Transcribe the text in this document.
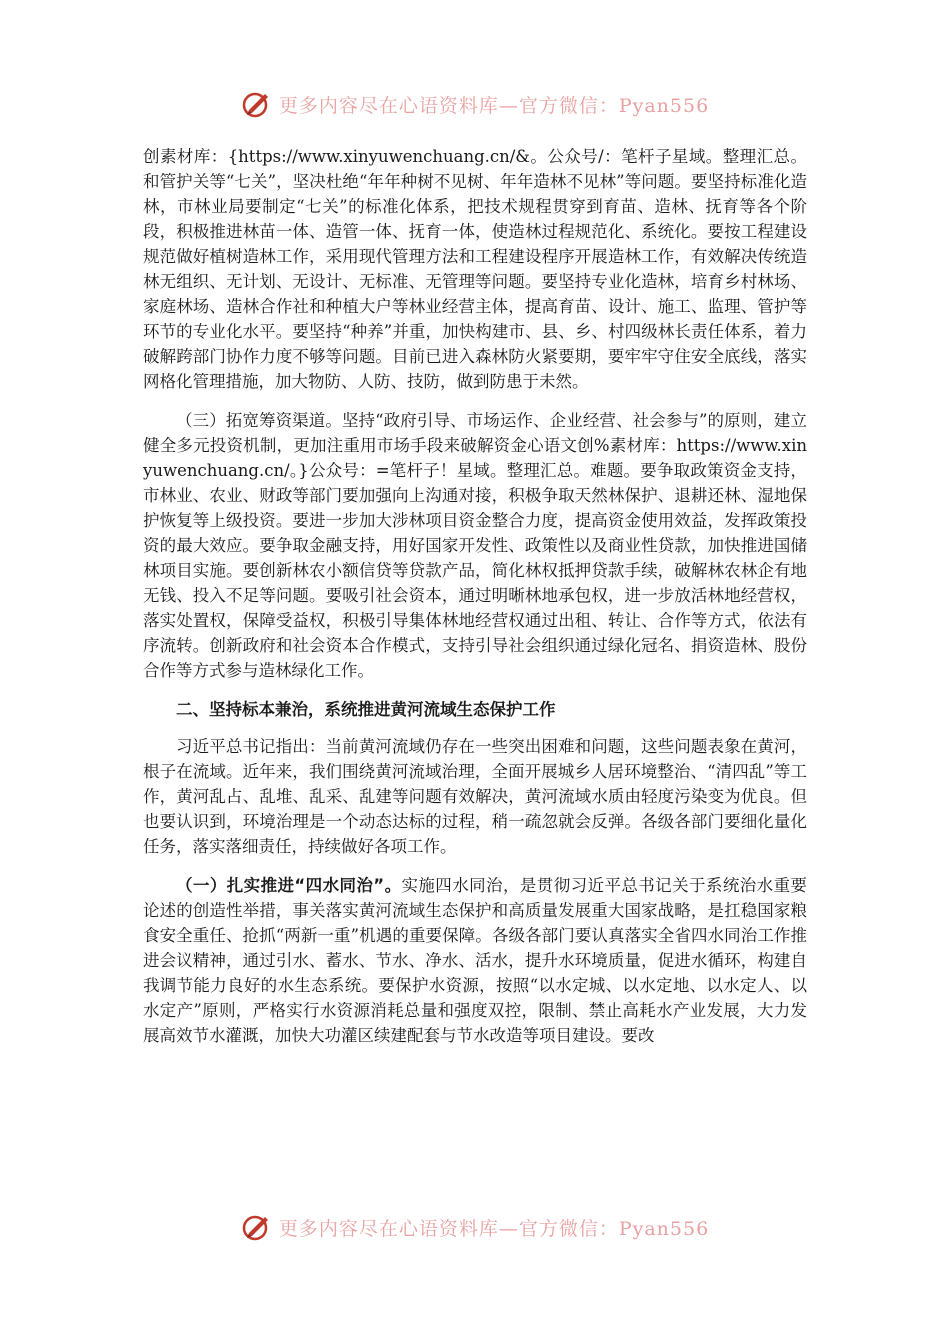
更多内容尽在心语资料库—官方微信：Pyan556

创素材库：{https://www.xinyuwenchuang.cn/&。公众号/：笔杆子星域。整理汇总。和管护关等“七关”，坚决杜绝“年年种树不见树、年年造林不见林”等问题。要坚持标准化造林，市林业局要制定“七关”的标准化体系，把技术规程贯穿到育苗、造林、抚育等各个阶段，积极推进林苗一体、造管一体、抚育一体，使造林过程规范化、系统化。要按工程建设规范做好植树造林工作，采用现代管理方法和工程建设程序开展造林工作，有效解决传统造林无组织、无计划、无设计、无标准、无管理等问题。要坚持专业化造林，培育乡村林场、家庭林场、造林合作社和种植大户等林业经营主体，提高育苗、设计、施工、监理、管护等环节的专业化水平。要坚持“种养”并重，加快构建市、县、乡、村四级林长责任体系，着力破解跨部门协作力度不够等问题。目前已进入森林防火紧要期，要牢牢守住安全底线，落实网格化管理措施，加大物防、人防、技防，做到防患于未然。

（三）拓宽筹资渠道。坚持“政府引导、市场运作、企业经营、社会参与”的原则，建立健全多元投资机制，更加注重用市场手段来破解资金心语文创%素材库：https://www.xinyuwenchuang.cn/。}公众号：=笔杆子！星域。整理汇总。难题。要争取政策资金支持，市林业、农业、财政等部门要加强向上沟通对接，积极争取天然林保护、退耕还林、湿地保护恢复等上级投资。要进一步加大涉林项目资金整合力度，提高资金使用效益，发挥政策投资的最大效应。要争取金融支持，用好国家开发性、政策性以及商业性贷款，加快推进国储林项目实施。要创新林农小额信贷等贷款产品，简化林权抵押贷款手续，破解林农林企有地无钱、投入不足等问题。要吸引社会资本，通过明晰林地承包权，进一步放活林地经营权，落实处置权，保障受益权，积极引导集体林地经营权通过出租、转让、合作等方式，依法有序流转。创新政府和社会资本合作模式，支持引导社会组织通过绿化冠名、捐资造林、股份合作等方式参与造林绿化工作。

二、坚持标本兼治，系统推进黄河流域生态保护工作

习近平总书记指出：当前黄河流域仍存在一些突出困难和问题，这些问题表象在黄河，根子在流域。近年来，我们围绕黄河流域治理，全面开展城乡人居环境整治、“清四乱”等工作，黄河乱占、乱堆、乱采、乱建等问题有效解决，黄河流域水质由轻度污染变为优良。但也要认识到，环境治理是一个动态达标的过程，稍一疏忽就会反弹。各级各部门要细化量化任务，落实落细责任，持续做好各项工作。

（一）扎实推进“四水同治”。实施四水同治，是贯彻习近平总书记关于系统治水重要论述的创造性举措，事关落实黄河流域生态保护和高质量发展重大国家战略，是扛稳国家粮食安全重任、抢抓“两新一重”机遇的重要保障。各级各部门要认真落实全省四水同治工作推进会议精神，通过引水、蓄水、节水、净水、活水，提升水环境质量，促进水循环，构建自我调节能力良好的水生态系统。要保护水资源，按照“以水定城、以水定地、以水定人、以水定产”原则，严格实行水资源消耗总量和强度双控，限制、禁止高耗水产业发展，大力发展高效节水灌溉，加快大功灌区续建配套与节水改造等项目建设。要改

更多内容尽在心语资料库—官方微信：Pyan556
